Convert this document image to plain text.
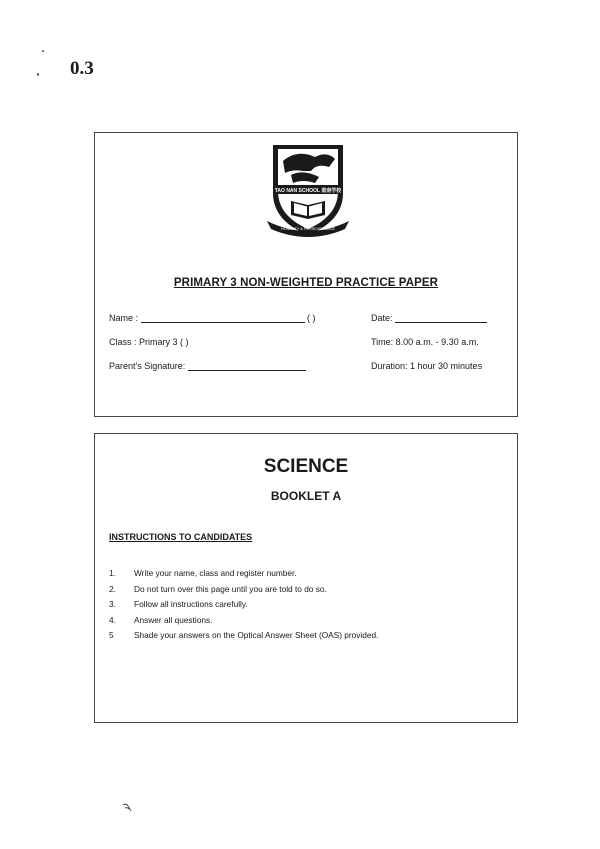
0.3
TAO NAN SCHOOL 道南学校
HONESTY & PERSEVERANCE
PRIMARY 3 NON-WEIGHTED PRACTICE PAPER
Name :	( )	Date:
Class : Primary 3 ( )	Time: 8.00 a.m. - 9.30 a.m.
Parent's Signature:	Duration: 1 hour 30 minutes
SCIENCE
BOOKLET A
INSTRUCTIONS TO CANDIDATES
1.	Write your name, class and register number.
2.	Do not turn over this page until you are told to do so.
3.	Follow all instructions carefully.
4.	Answer all questions.
5	Shade your answers on the Optical Answer Sheet (OAS) provided.
